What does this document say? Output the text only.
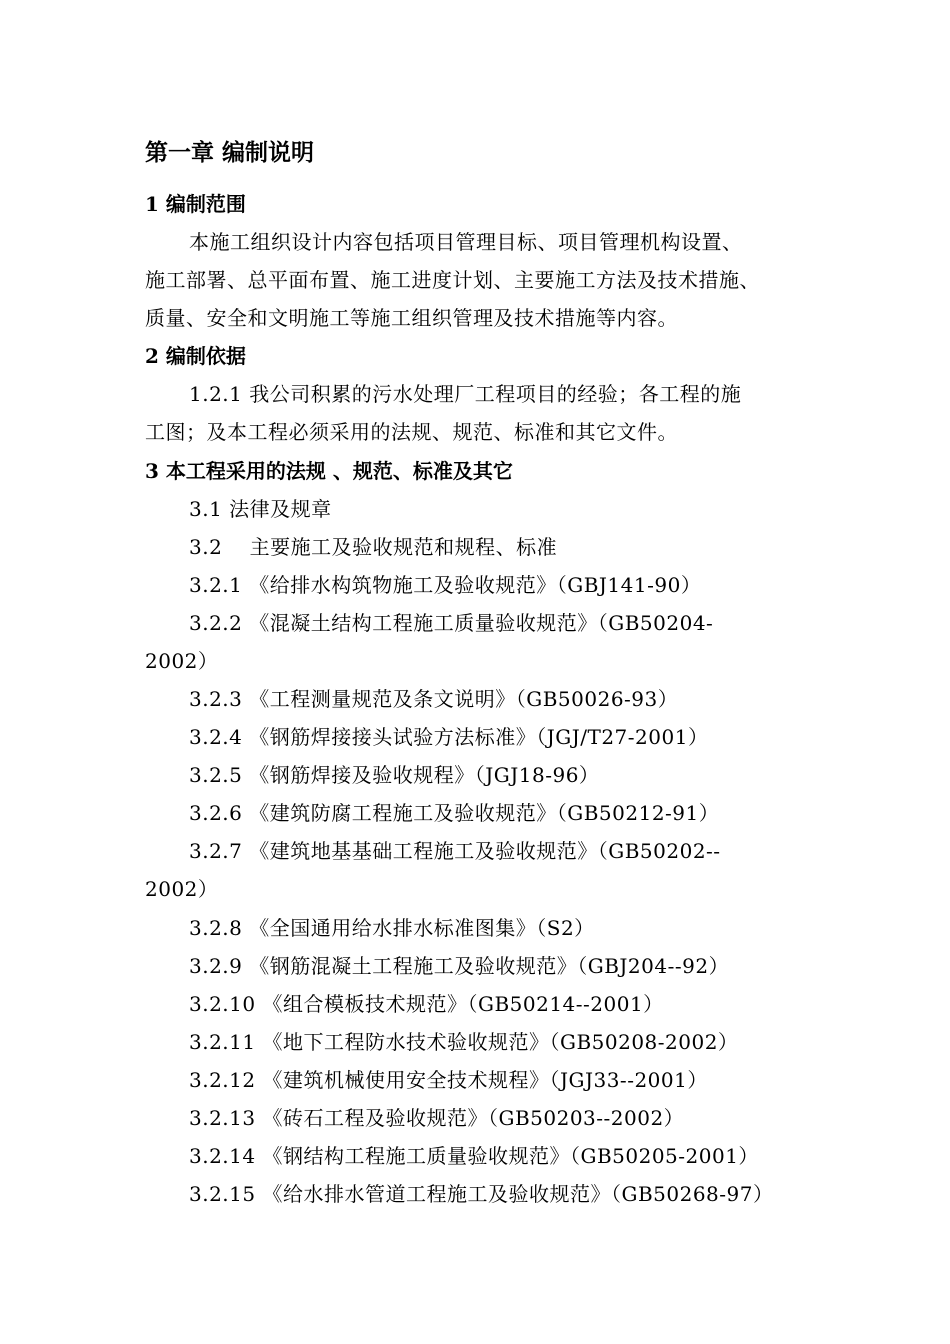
第一章 编制说明
1 编制范围
本施工组织设计内容包括项目管理目标、项目管理机构设置、
施工部署、总平面布置、施工进度计划、主要施工方法及技术措施、
质量、安全和文明施工等施工组织管理及技术措施等内容。
2 编制依据
1.2.1 我公司积累的污水处理厂工程项目的经验；各工程的施
工图；及本工程必须采用的法规、规范、标准和其它文件。
3 本工程采用的法规 、规范、标准及其它
3.1 法律及规章
3.2　 主要施工及验收规范和规程、标准
3.2.1 《给排水构筑物施工及验收规范》（GBJ141-90）
3.2.2 《混凝土结构工程施工质量验收规范》（GB50204-
2002）
3.2.3 《工程测量规范及条文说明》（GB50026-93）
3.2.4 《钢筋焊接接头试验方法标准》（JGJ/T27-2001）
3.2.5 《钢筋焊接及验收规程》（JGJ18-96）
3.2.6 《建筑防腐工程施工及验收规范》（GB50212-91）
3.2.7 《建筑地基基础工程施工及验收规范》（GB50202--
2002）
3.2.8 《全国通用给水排水标准图集》（S2）
3.2.9 《钢筋混凝土工程施工及验收规范》（GBJ204--92）
3.2.10 《组合模板技术规范》（GB50214--2001）
3.2.11 《地下工程防水技术验收规范》（GB50208-2002）
3.2.12 《建筑机械使用安全技术规程》（JGJ33--2001）
3.2.13 《砖石工程及验收规范》（GB50203--2002）
3.2.14 《钢结构工程施工质量验收规范》（GB50205-2001）
3.2.15 《给水排水管道工程施工及验收规范》（GB50268-97）
